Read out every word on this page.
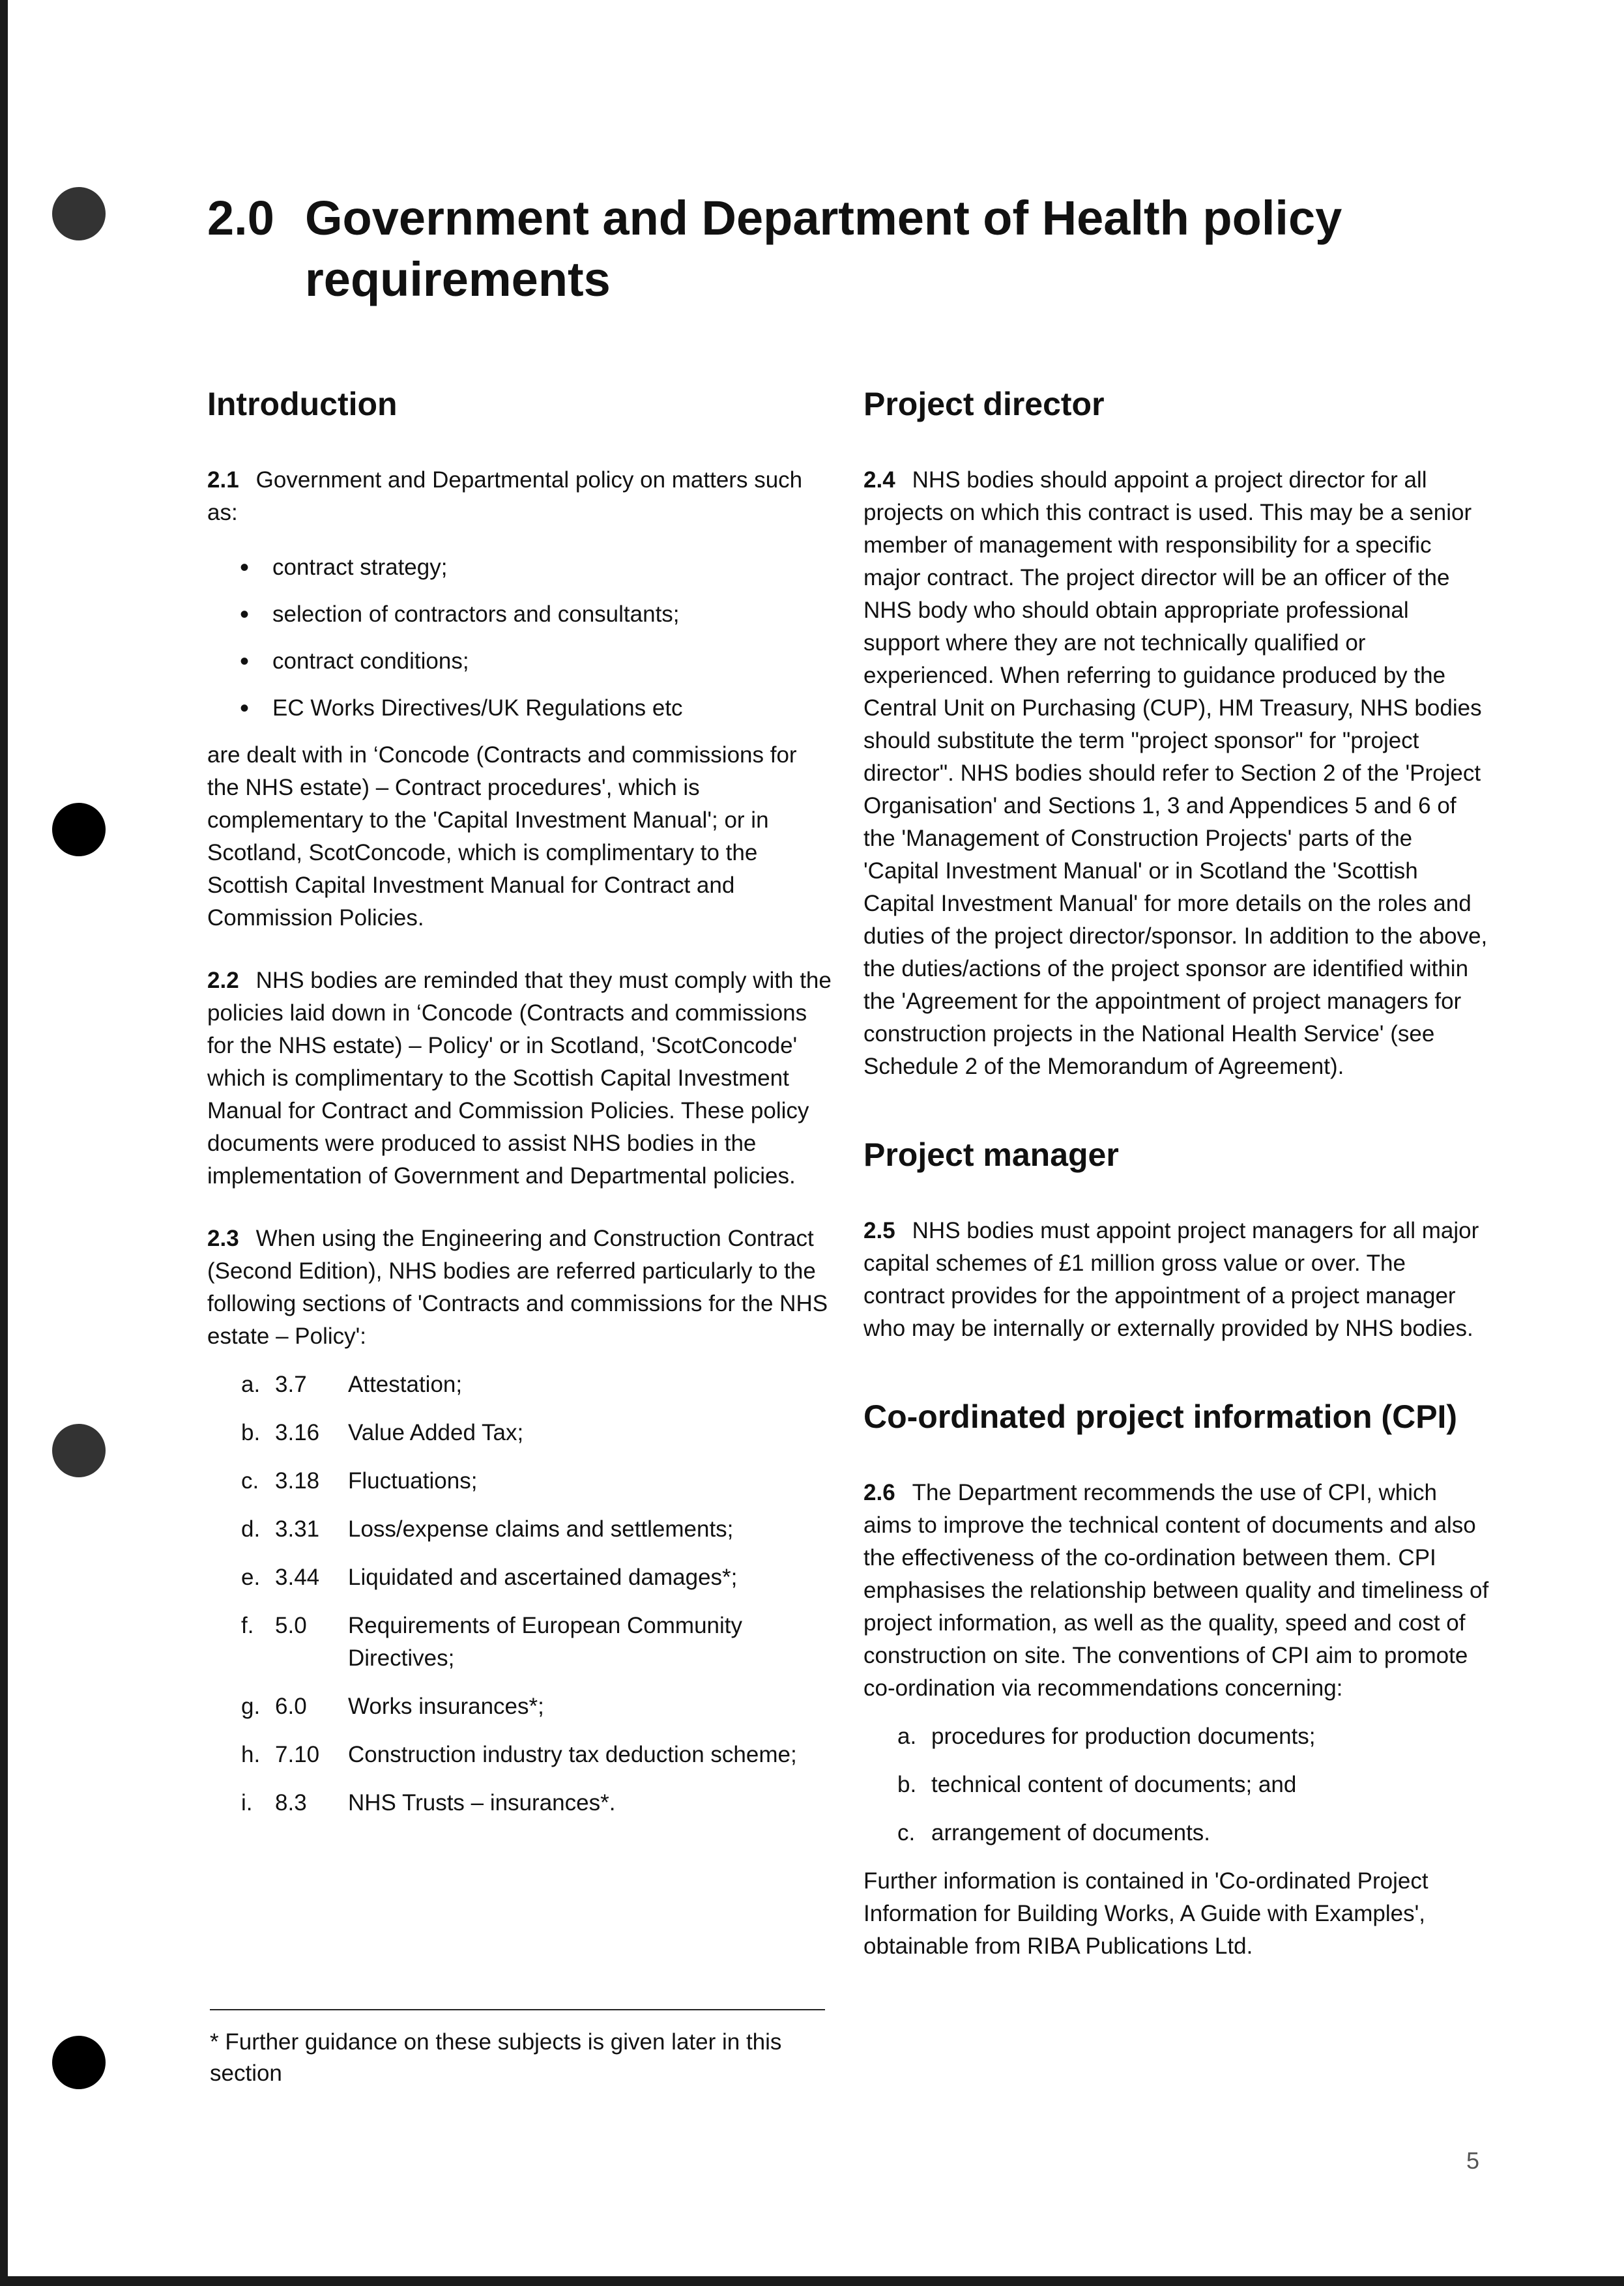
2.0 Government and Department of Health policy requirements
Introduction

2.1 Government and Departmental policy on matters such as:

• contract strategy;
• selection of contractors and consultants;
• contract conditions;
• EC Works Directives/UK Regulations etc

are dealt with in ‘Concode (Contracts and commissions for the NHS estate) – Contract procedures', which is complementary to the 'Capital Investment Manual'; or in Scotland, ScotConcode, which is complimentary to the Scottish Capital Investment Manual for Contract and Commission Policies.

2.2 NHS bodies are reminded that they must comply with the policies laid down in ‘Concode (Contracts and commissions for the NHS estate) – Policy' or in Scotland, 'ScotConcode' which is complimentary to the Scottish Capital Investment Manual for Contract and Commission Policies. These policy documents were produced to assist NHS bodies in the implementation of Government and Departmental policies.

2.3 When using the Engineering and Construction Contract (Second Edition), NHS bodies are referred particularly to the following sections of 'Contracts and commissions for the NHS estate – Policy':

a. 3.7	Attestation;
b. 3.16	Value Added Tax;
c. 3.18	Fluctuations;
d. 3.31	Loss/expense claims and settlements;
e. 3.44	Liquidated and ascertained damages*;
f. 5.0	Requirements of European Community Directives;
g. 6.0	Works insurances*;
h. 7.10	Construction industry tax deduction scheme;
i. 8.3	NHS Trusts – insurances*.

* Further guidance on these subjects is given later in this section

Project director

2.4 NHS bodies should appoint a project director for all projects on which this contract is used. This may be a senior member of management with responsibility for a specific major contract. The project director will be an officer of the NHS body who should obtain appropriate professional support where they are not technically qualified or experienced. When referring to guidance produced by the Central Unit on Purchasing (CUP), HM Treasury, NHS bodies should substitute the term "project sponsor" for "project director". NHS bodies should refer to Section 2 of the 'Project Organisation' and Sections 1, 3 and Appendices 5 and 6 of the 'Management of Construction Projects' parts of the 'Capital Investment Manual' or in Scotland the 'Scottish Capital Investment Manual' for more details on the roles and duties of the project director/sponsor. In addition to the above, the duties/actions of the project sponsor are identified within the 'Agreement for the appointment of project managers for construction projects in the National Health Service' (see Schedule 2 of the Memorandum of Agreement).

Project manager

2.5 NHS bodies must appoint project managers for all major capital schemes of £1 million gross value or over. The contract provides for the appointment of a project manager who may be internally or externally provided by NHS bodies.

Co-ordinated project information (CPI)

2.6 The Department recommends the use of CPI, which aims to improve the technical content of documents and also the effectiveness of the co-ordination between them. CPI emphasises the relationship between quality and timeliness of project information, as well as the quality, speed and cost of construction on site. The conventions of CPI aim to promote co-ordination via recommendations concerning:

a. procedures for production documents;
b. technical content of documents; and
c. arrangement of documents.

Further information is contained in 'Co-ordinated Project Information for Building Works, A Guide with Examples', obtainable from RIBA Publications Ltd.

5
